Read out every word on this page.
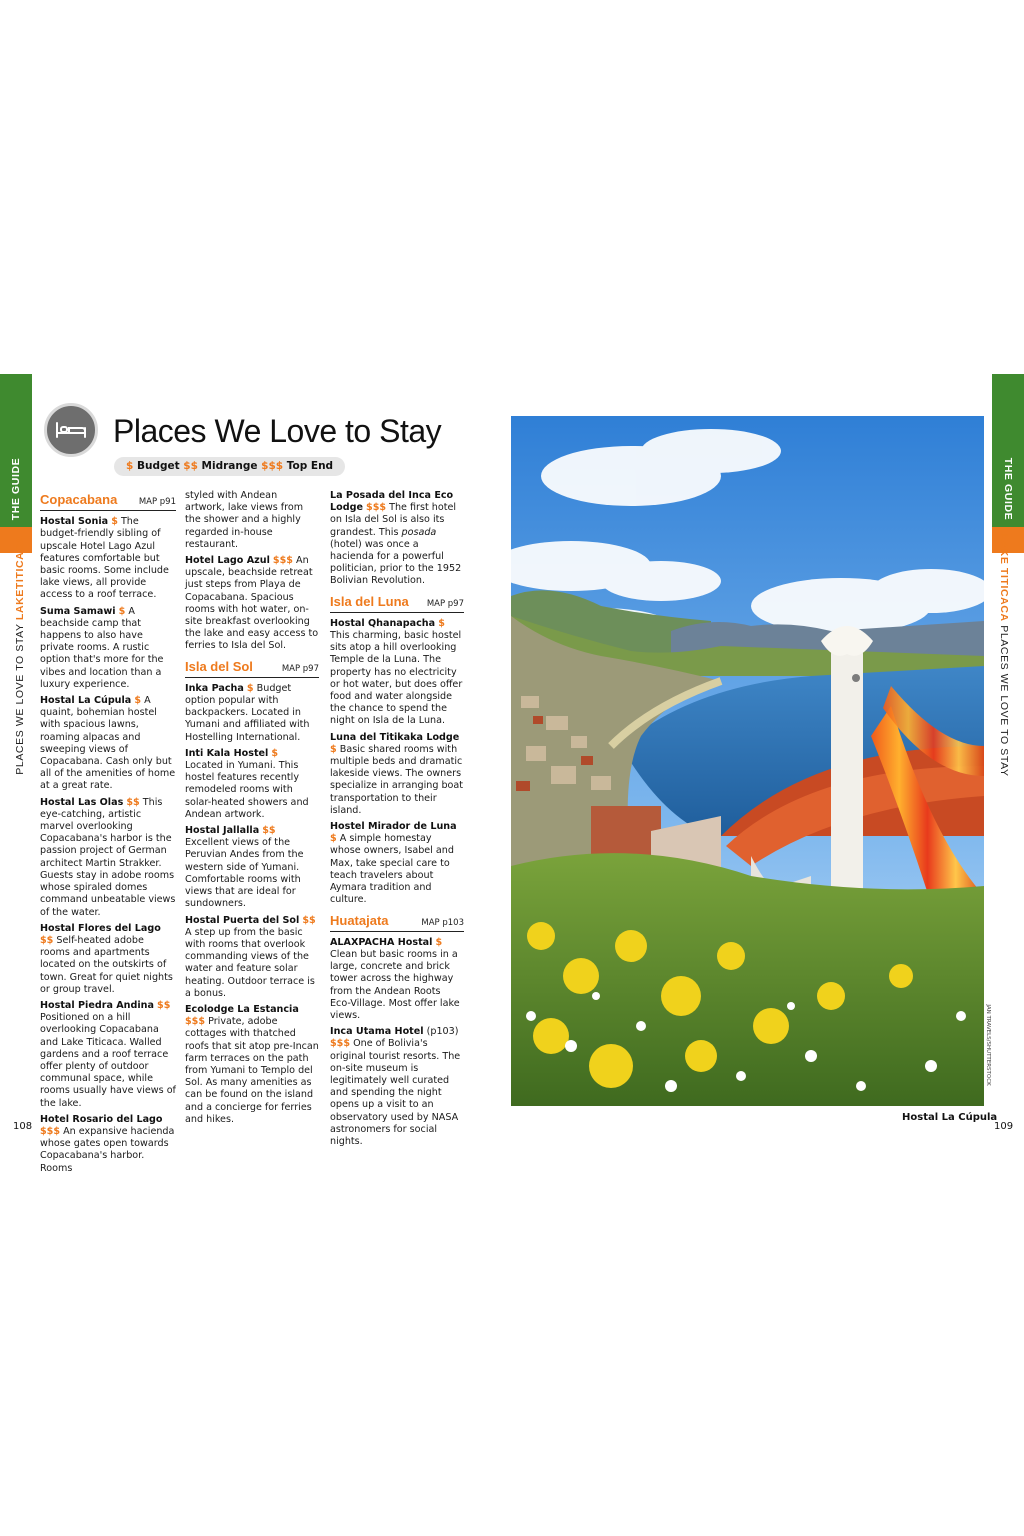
THE GUIDE
PLACES WE LOVE TO STAY LAKETITICACA
THE GUIDE
LAKE TITICACA PLACES WE LOVE TO STAY
Places We Love to Stay
$ Budget $$ Midrange $$$ Top End
Copacabana	MAP p91
Hostal Sonia $ The budget-friendly sibling of upscale Hotel Lago Azul features comfortable but basic rooms. Some include lake views, all provide access to a roof terrace.
Suma Samawi $ A beachside camp that happens to also have private rooms. A rustic option that's more for the vibes and location than a luxury experience.
Hostal La Cúpula $ A quaint, bohemian hostel with spacious lawns, roaming alpacas and sweeping views of Copacabana. Cash only but all of the amenities of home at a great rate.
Hostal Las Olas $$ This eye-catching, artistic marvel overlooking Copacabana's harbor is the passion project of German architect Martin Strakker. Guests stay in adobe rooms whose spiraled domes command unbeatable views of the water.
Hostal Flores del Lago $$ Self-heated adobe rooms and apartments located on the outskirts of town. Great for quiet nights or group travel.
Hostal Piedra Andina $$ Positioned on a hill overlooking Copacabana and Lake Titicaca. Walled gardens and a roof terrace offer plenty of outdoor communal space, while rooms usually have views of the lake.
Hotel Rosario del Lago $$$ An expansive hacienda whose gates open towards Copacabana's harbor. Rooms
styled with Andean artwork, lake views from the shower and a highly regarded in-house restaurant.
Hotel Lago Azul $$$ An upscale, beachside retreat just steps from Playa de Copacabana. Spacious rooms with hot water, on-site breakfast overlooking the lake and easy access to ferries to Isla del Sol.
Isla del Sol	MAP p97
Inka Pacha $ Budget option popular with backpackers. Located in Yumani and affiliated with Hostelling International.
Inti Kala Hostel $ Located in Yumani. This hostel features recently remodeled rooms with solar-heated showers and Andean artwork.
Hostal Jallalla $$ Excellent views of the Peruvian Andes from the western side of Yumani. Comfortable rooms with views that are ideal for sundowners.
Hostal Puerta del Sol $$ A step up from the basic with rooms that overlook commanding views of the water and feature solar heating. Outdoor terrace is a bonus.
Ecolodge La Estancia $$$ Private, adobe cottages with thatched roofs that sit atop pre-Incan farm terraces on the path from Yumani to Templo del Sol. As many amenities as can be found on the island and a concierge for ferries and hikes.
La Posada del Inca Eco Lodge $$$ The first hotel on Isla del Sol is also its grandest. This posada (hotel) was once a hacienda for a powerful politician, prior to the 1952 Bolivian Revolution.
Isla del Luna MAP p97
Hostal Qhanapacha $ This charming, basic hostel sits atop a hill overlooking Temple de la Luna. The property has no electricity or hot water, but does offer food and water alongside the chance to spend the night on Isla de la Luna.
Luna del Titikaka Lodge $ Basic shared rooms with multiple beds and dramatic lakeside views. The owners specialize in arranging boat transportation to their island.
Hostel Mirador de Luna $ A simple homestay whose owners, Isabel and Max, take special care to teach travelers about Aymara tradition and culture.
Huatajata	MAP p103
ALAXPACHA Hostal $ Clean but basic rooms in a large, concrete and brick tower across the highway from the Andean Roots Eco-Village. Most offer lake views.
Inca Utama Hotel (p103) $$$ One of Bolivia's original tourist resorts. The on-site museum is legitimately well curated and spending the night opens up a visit to an observatory used by NASA astronomers for social nights.
JAN TRAVELS/SHUTTERSTOCK
Hostal La Cúpula
108	109
